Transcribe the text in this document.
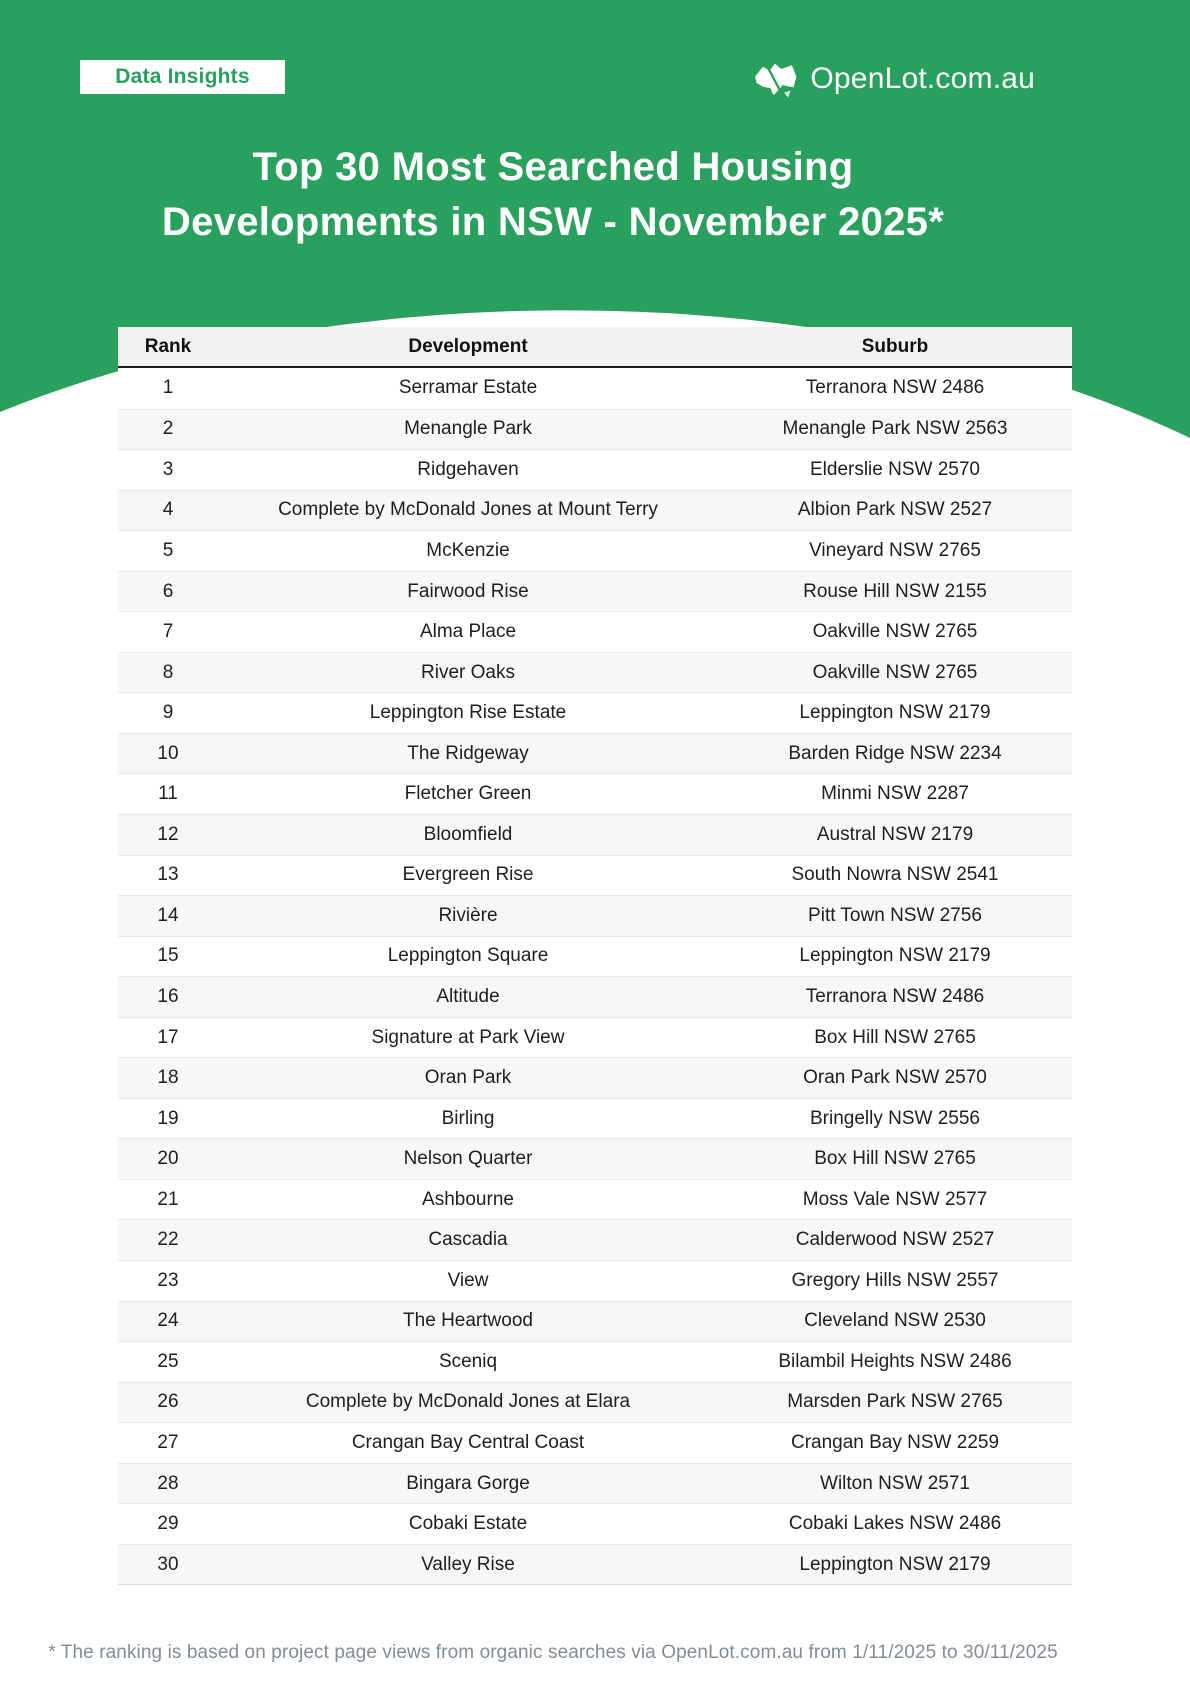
Data Insights	OpenLot.com.au
Top 30 Most Searched Housing
Developments in NSW - November 2025*
Rank	Development	Suburb
1	Serramar Estate	Terranora NSW 2486
2	Menangle Park	Menangle Park NSW 2563
3	Ridgehaven	Elderslie NSW 2570
4	Complete by McDonald Jones at Mount Terry	Albion Park NSW 2527
5	McKenzie	Vineyard NSW 2765
6	Fairwood Rise	Rouse Hill NSW 2155
7	Alma Place	Oakville NSW 2765
8	River Oaks	Oakville NSW 2765
9	Leppington Rise Estate	Leppington NSW 2179
10	The Ridgeway	Barden Ridge NSW 2234
11	Fletcher Green	Minmi NSW 2287
12	Bloomfield	Austral NSW 2179
13	Evergreen Rise	South Nowra NSW 2541
14	Rivière	Pitt Town NSW 2756
15	Leppington Square	Leppington NSW 2179
16	Altitude	Terranora NSW 2486
17	Signature at Park View	Box Hill NSW 2765
18	Oran Park	Oran Park NSW 2570
19	Birling	Bringelly NSW 2556
20	Nelson Quarter	Box Hill NSW 2765
21	Ashbourne	Moss Vale NSW 2577
22	Cascadia	Calderwood NSW 2527
23	View	Gregory Hills NSW 2557
24	The Heartwood	Cleveland NSW 2530
25	Sceniq	Bilambil Heights NSW 2486
26	Complete by McDonald Jones at Elara	Marsden Park NSW 2765
27	Crangan Bay Central Coast	Crangan Bay NSW 2259
28	Bingara Gorge	Wilton NSW 2571
29	Cobaki Estate	Cobaki Lakes NSW 2486
30	Valley Rise	Leppington NSW 2179
* The ranking is based on project page views from organic searches via OpenLot.com.au from 1/11/2025 to 30/11/2025
